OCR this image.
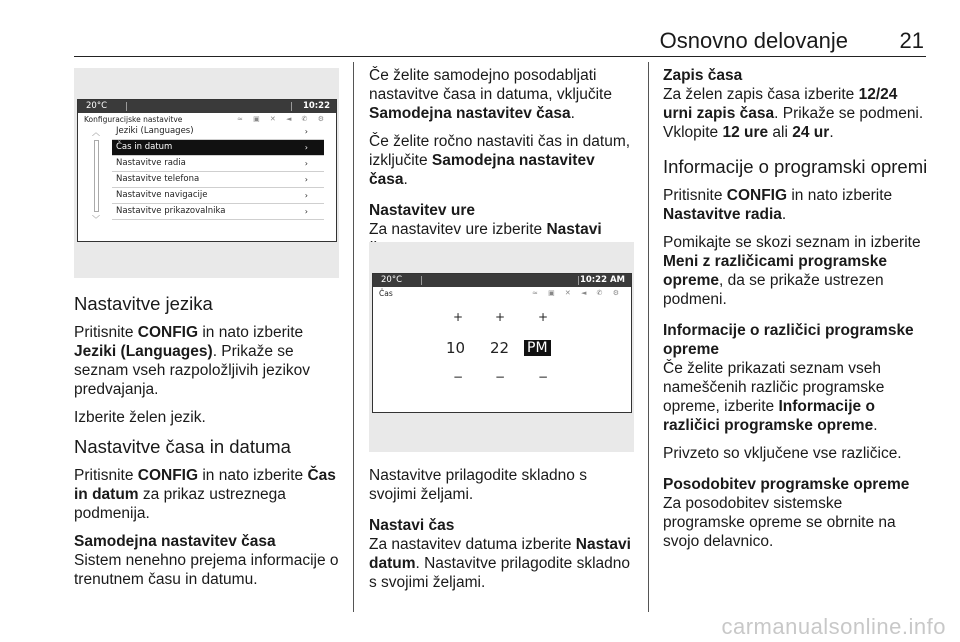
Osnovno delovanje 21
20°C	10:22
Konfiguracijske nastavitve	≈ ▣ ✕ ◄ ✆ ⚙
︿
﹀
Jeziki (Languages)	›
Čas in datum	›
Nastavitve radia	›
Nastavitve telefona	›
Nastavitve navigacije	›
Nastavitve prikazovalnika	›
Nastavitve jezika

Pritisnite CONFIG in nato izberite Jeziki (Languages). Prikaže se seznam vseh razpoložljivih jezikov predvajanja.

Izberite želen jezik.

Nastavitve časa in datuma

Pritisnite CONFIG in nato izberite Čas in datum za prikaz ustreznega podmenija.

Samodejna nastavitev časa

Sistem nenehno prejema informacije o trenutnem času in datumu.

Če želite samodejno posodabljati nastavitve časa in datuma, vključite Samodejna nastavitev časa.

Če želite ročno nastaviti čas in datum, izključite Samodejna nastavitev časa.

Nastavitev ure

Za nastavitev ure izberite Nastavi

20°C	10:22 AM
Čas	≈ ▣ ✕ ◄ ✆ ⚙
+	+	+
10 22 PM
−	−	−

Nastavitve prilagodite skladno s svojimi željami.

Nastavi čas

Za nastavitev datuma izberite Nastavi datum. Nastavitve prilagodite skladno s svojimi željami.

Zapis časa

Za želen zapis časa izberite 12/24 urni zapis časa. Prikaže se podmeni. Vklopite 12 ure ali 24 ur.

Informacije o programski opremi

Pritisnite CONFIG in nato izberite Nastavitve radia.

Pomikajte se skozi seznam in izberite Meni z različicami programske opreme, da se prikaže ustrezen podmeni.

Informacije o različici programske opreme

Če želite prikazati seznam vseh nameščenih različic programske opreme, izberite Informacije o različici programske opreme.

Privzeto so vključene vse različice.

Posodobitev programske opreme

Za posodobitev sistemske programske opreme se obrnite na svojo delavnico.

carmanualsonline.info
